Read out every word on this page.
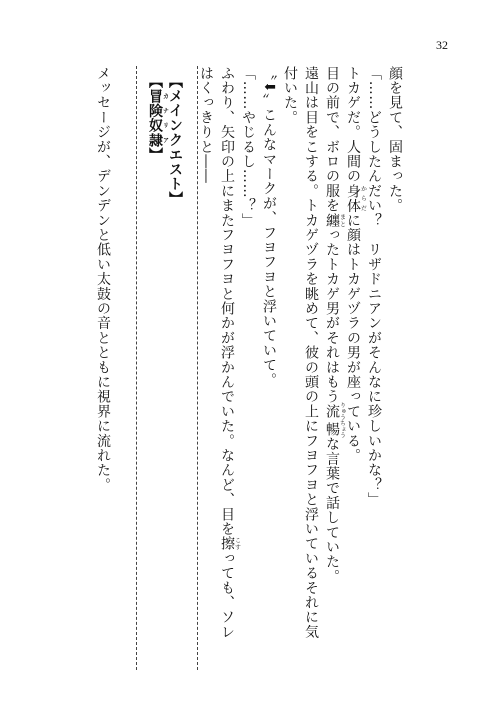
32
顔を見て、固まった。
「……どうしたんだい？　リザドニアンがそんなに珍しいかな？」
トカゲだ。人間の身体からだに顔はトカゲヅラの男が座っている。
目の前で、ボロの服を纏まとったトカゲ男がそれはもう流暢りゅうちょうな言葉で話していた。
遠山は目をこする。トカゲヅラを眺めて、彼の頭の上にフヨフヨと浮いているそれに気
付いた。
〝⬇〟こんなマークが、フヨフヨと浮いていて。
「……やじるし……？」
ふわり、矢印の上にまたフヨフヨと何かが浮かんでいた。なんど、目を擦こすっても、ソレ
はくっきりと――
【メインクエスト】
【冒険奴隷カナリア】
メッセージが、デンデンと低い太鼓の音とともに視界に流れた。
